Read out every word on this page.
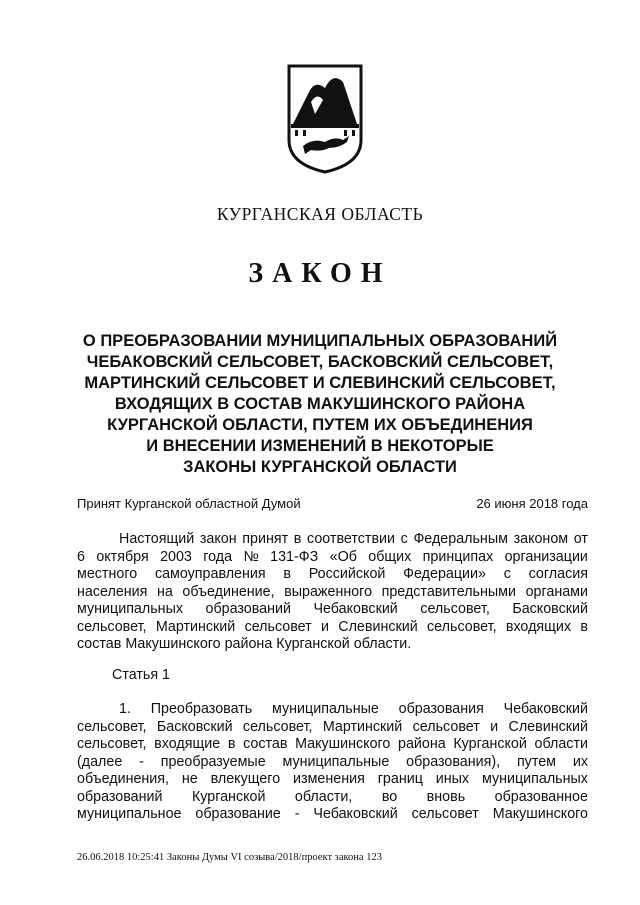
КУРГАНСКАЯ ОБЛАСТЬ
ЗАКОН
О ПРЕОБРАЗОВАНИИ МУНИЦИПАЛЬНЫХ ОБРАЗОВАНИЙ
ЧЕБАКОВСКИЙ СЕЛЬСОВЕТ, БАСКОВСКИЙ СЕЛЬСОВЕТ,
МАРТИНСКИЙ СЕЛЬСОВЕТ И СЛЕВИНСКИЙ СЕЛЬСОВЕТ,
ВХОДЯЩИХ В СОСТАВ МАКУШИНСКОГО РАЙОНА
КУРГАНСКОЙ ОБЛАСТИ, ПУТЕМ ИХ ОБЪЕДИНЕНИЯ
И ВНЕСЕНИИ ИЗМЕНЕНИЙ В НЕКОТОРЫЕ
ЗАКОНЫ КУРГАНСКОЙ ОБЛАСТИ
Принят Курганской областной Думой	26 июня 2018 года
Настоящий закон принят в соответствии с Федеральным законом от
6 октября 2003 года № 131-ФЗ «Об общих принципах организации
местного самоуправления в Российской Федерации» с согласия
населения на объединение, выраженного представительными органами
муниципальных образований Чебаковский сельсовет, Басковский
сельсовет, Мартинский сельсовет и Слевинский сельсовет, входящих в
состав Макушинского района Курганской области.
Статья 1
1. Преобразовать муниципальные образования Чебаковский
сельсовет, Басковский сельсовет, Мартинский сельсовет и Слевинский
сельсовет, входящие в состав Макушинского района Курганской области
(далее - преобразуемые муниципальные образования), путем их
объединения, не влекущего изменения границ иных муниципальных
образований Курганской области, во вновь образованное
муниципальное образование - Чебаковский сельсовет Макушинского
26.06.2018 10:25:41 Законы Думы VI созыва/2018/проект закона 123
